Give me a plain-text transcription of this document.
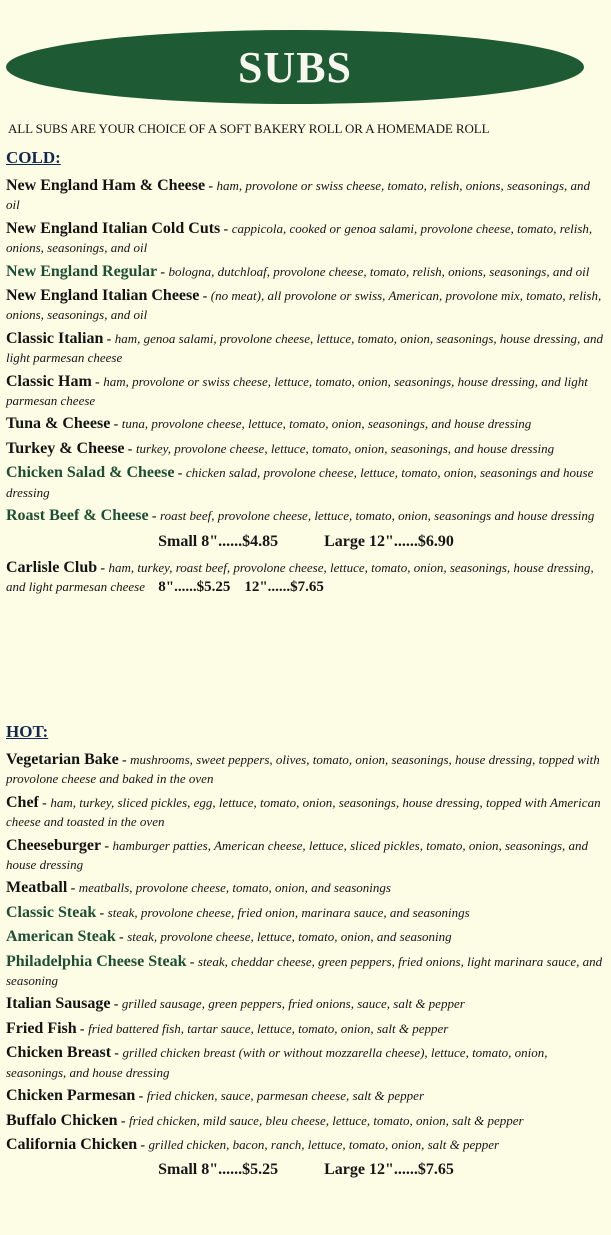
SUBS
ALL SUBS ARE YOUR CHOICE OF A SOFT BAKERY ROLL OR A HOMEMADE ROLL
COLD:
New England Ham & Cheese - ham, provolone or swiss cheese, tomato, relish, onions, seasonings, and oil
New England Italian Cold Cuts - cappicola, cooked or genoa salami, provolone cheese, tomato, relish, onions, seasonings, and oil
New England Regular - bologna, dutchloaf, provolone cheese, tomato, relish, onions, seasonings, and oil
New England Italian Cheese - (no meat), all provolone or swiss, American, provolone mix, tomato, relish, onions, seasonings, and oil
Classic Italian - ham, genoa salami, provolone cheese, lettuce, tomato, onion, seasonings, house dressing, and light parmesan cheese
Classic Ham - ham, provolone or swiss cheese, lettuce, tomato, onion, seasonings, house dressing, and light parmesan cheese
Tuna & Cheese - tuna, provolone cheese, lettuce, tomato, onion, seasonings, and house dressing
Turkey & Cheese - turkey, provolone cheese, lettuce, tomato, onion, seasonings, and house dressing
Chicken Salad & Cheese - chicken salad, provolone cheese, lettuce, tomato, onion, seasonings and house dressing
Roast Beef & Cheese - roast beef, provolone cheese, lettuce, tomato, onion, seasonings and house dressing
Small 8"......$4.85	Large 12"......$6.90
Carlisle Club - ham, turkey, roast beef, provolone cheese, lettuce, tomato, onion, seasonings, house dressing, and light parmesan cheese 8"......$5.25 12"......$7.65
HOT:
Vegetarian Bake - mushrooms, sweet peppers, olives, tomato, onion, seasonings, house dressing, topped with provolone cheese and baked in the oven
Chef - ham, turkey, sliced pickles, egg, lettuce, tomato, onion, seasonings, house dressing, topped with American cheese and toasted in the oven
Cheeseburger - hamburger patties, American cheese, lettuce, sliced pickles, tomato, onion, seasonings, and house dressing
Meatball - meatballs, provolone cheese, tomato, onion, and seasonings
Classic Steak - steak, provolone cheese, fried onion, marinara sauce, and seasonings
American Steak - steak, provolone cheese, lettuce, tomato, onion, and seasoning
Philadelphia Cheese Steak - steak, cheddar cheese, green peppers, fried onions, light marinara sauce, and seasoning
Italian Sausage - grilled sausage, green peppers, fried onions, sauce, salt & pepper
Fried Fish - fried battered fish, tartar sauce, lettuce, tomato, onion, salt & pepper
Chicken Breast - grilled chicken breast (with or without mozzarella cheese), lettuce, tomato, onion, seasonings, and house dressing
Chicken Parmesan - fried chicken, sauce, parmesan cheese, salt & pepper
Buffalo Chicken - fried chicken, mild sauce, bleu cheese, lettuce, tomato, onion, salt & pepper
California Chicken - grilled chicken, bacon, ranch, lettuce, tomato, onion, salt & pepper
Small 8"......$5.25	Large 12"......$7.65
